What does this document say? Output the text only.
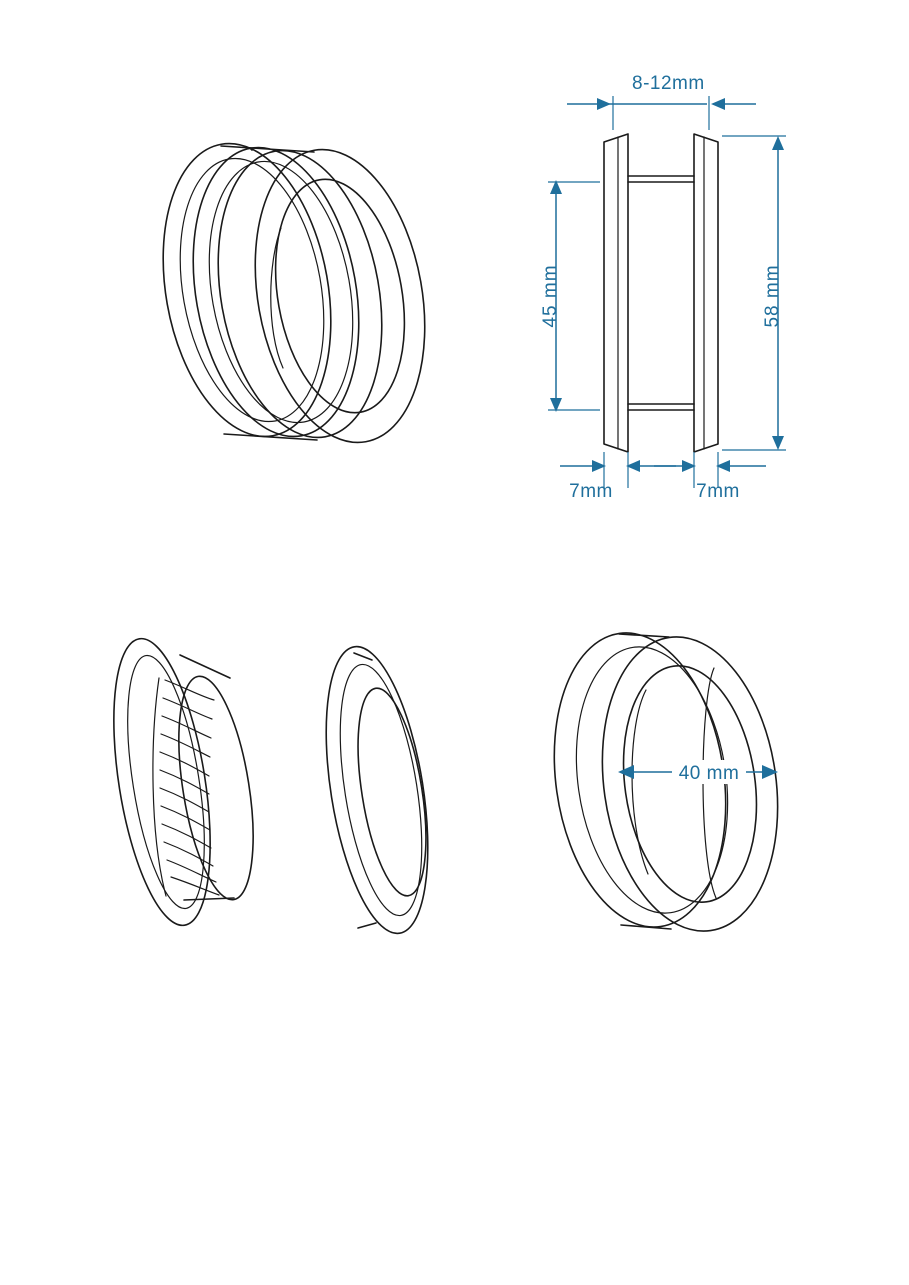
8-12mm
45 mm	58 mm
7mm	7mm
40 mm
